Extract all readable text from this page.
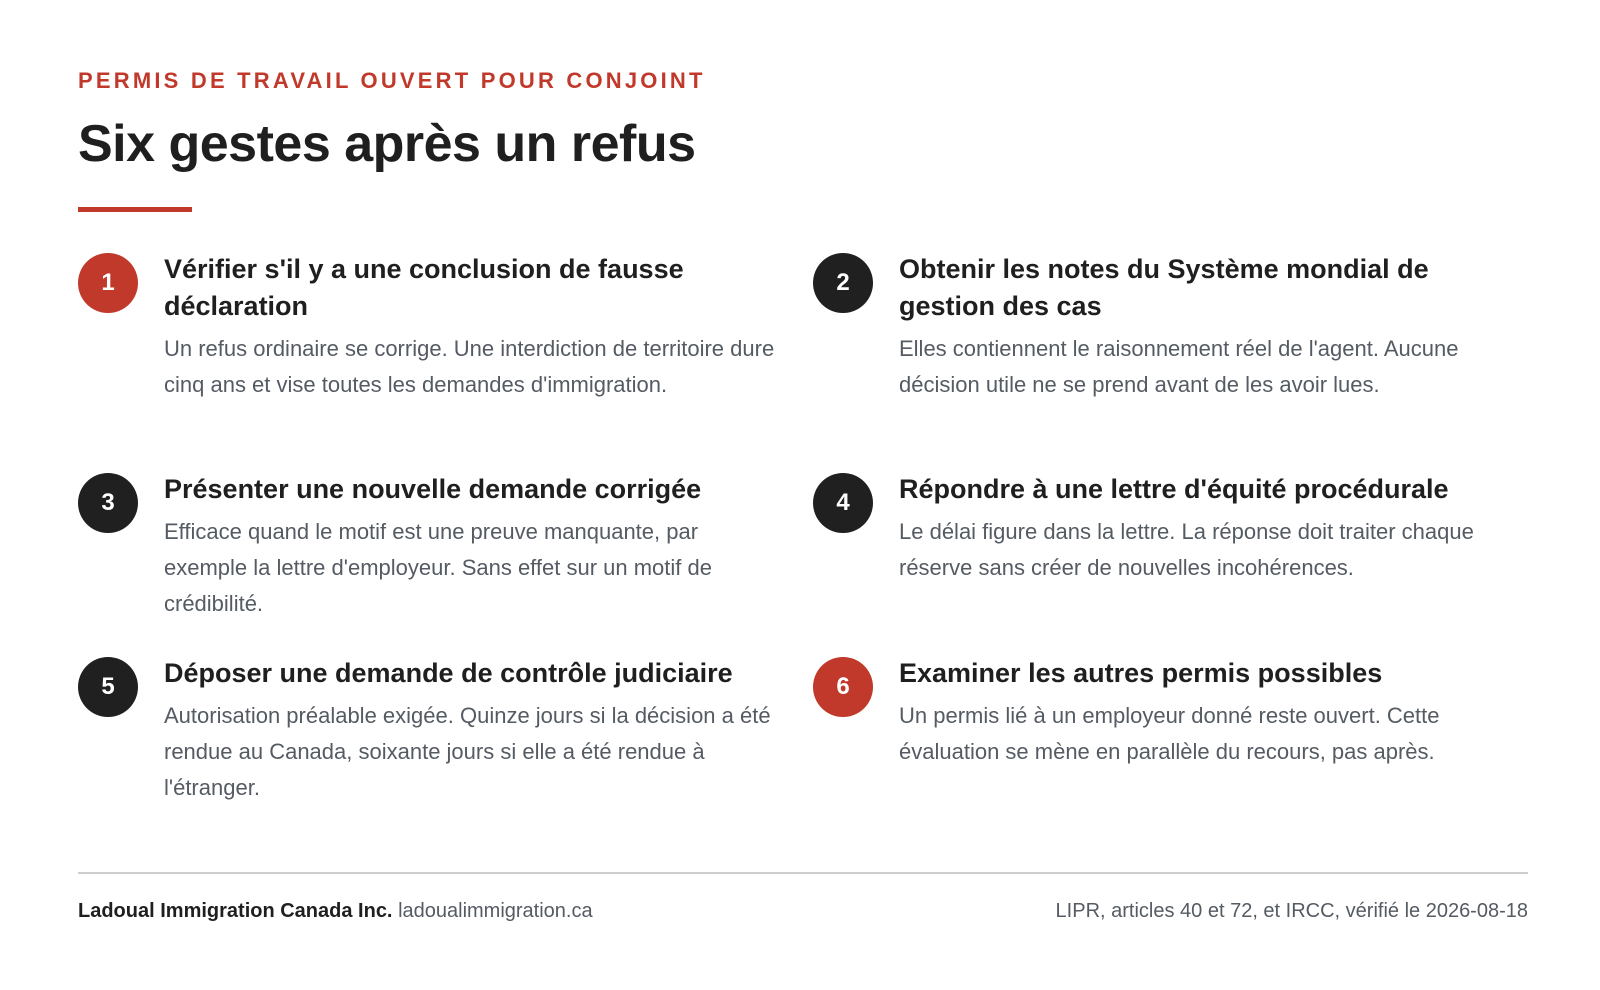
PERMIS DE TRAVAIL OUVERT POUR CONJOINT
Six gestes après un refus
1	Vérifier s'il y a une conclusion de fausse déclaration

Un refus ordinaire se corrige. Une interdiction de territoire dure cinq ans et vise toutes les demandes d'immigration.

2	Obtenir les notes du Système mondial de gestion des cas

Elles contiennent le raisonnement réel de l'agent. Aucune décision utile ne se prend avant de les avoir lues.

3	Présenter une nouvelle demande corrigée

Efficace quand le motif est une preuve manquante, par exemple la lettre d'employeur. Sans effet sur un motif de crédibilité.

4	Répondre à une lettre d'équité procédurale

Le délai figure dans la lettre. La réponse doit traiter chaque réserve sans créer de nouvelles incohérences.

5	Déposer une demande de contrôle judiciaire

Autorisation préalable exigée. Quinze jours si la décision a été rendue au Canada, soixante jours si elle a été rendue à l'étranger.

6	Examiner les autres permis possibles

Un permis lié à un employeur donné reste ouvert. Cette évaluation se mène en parallèle du recours, pas après.

Ladoual Immigration Canada Inc. ladoualimmigration.ca	LIPR, articles 40 et 72, et IRCC, vérifié le 2026-08-18
